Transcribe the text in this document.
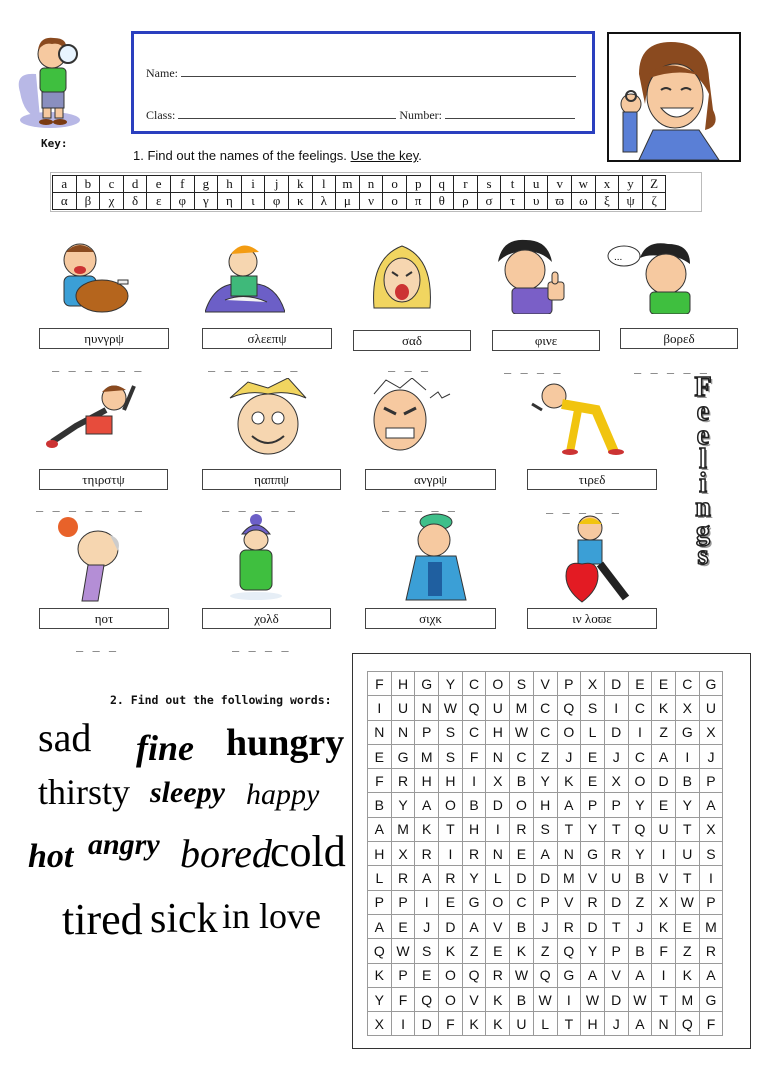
Key:
Name:
Class:	Number:
1. Find out the names of the feelings. Use the key.
a	b	c	d	e	f	g	h	i	j	k	l	m	n	o	p	q	r	s	t	u	v	w	x	y	Z
α	β	χ	δ	ε	φ	γ	η	ι	φ	κ	λ	μ	ν	ο	π	θ	ρ	σ	τ	υ	ϖ	ω	ξ	ψ	ζ
...
ηυνγρψ	σλεεπψ	σαδ	φινε	βορεδ
_ _ _ _ _ _	_ _ _ _ _ _	_ _ _	_ _ _ _	_ _ _ _ _
τηιρστψ	ηαππψ	ανγρψ	τιρεδ
_ _ _ _ _ _ _	_ _ _ _ _	_ _ _ _ _	_ _ _ _ _
ηοτ	χολδ	σιχκ	ιν λοϖε
_ _ _	_ _ _ _	_ _ _ _	_ _ _ _ _ _
F
e
e
l
i
n
g
s
2. Find out the following words:
sad fine hungry
thirsty sleepy happy
hot angry bored
cold
tired sick in love
F	H	G	Y	C	O	S	V	P	X	D	E	E	C	G
I	U	N	W	Q	U	M	C	Q	S	I	C	K	X	U
N	N	P	S	C	H	W	C	O	L	D	I	Z	G	X
E	G	M	S	F	N	C	Z	J	E	J	C	A	I	J
F	R	H	H	I	X	B	Y	K	E	X	O	D	B	P
B	Y	A	O	B	D	O	H	A	P	P	Y	E	Y	A
A	M	K	T	H	I	R	S	T	Y	T	Q	U	T	X
H	X	R	I	R	N	E	A	N	G	R	Y	I	U	S
L	R	A	R	Y	L	D	D	M	V	U	B	V	T	I
P	P	I	E	G	O	C	P	V	R	D	Z	X	W	P
A	E	J	D	A	V	B	J	R	D	T	J	K	E	M
Q	W	S	K	Z	E	K	Z	Q	Y	P	B	F	Z	R
K	P	E	O	Q	R	W	Q	G	A	V	A	I	K	A
Y	F	Q	O	V	K	B	W	I	W	D	W	T	M	G
X	I	D	F	K	K	U	L	T	H	J	A	N	Q	F
